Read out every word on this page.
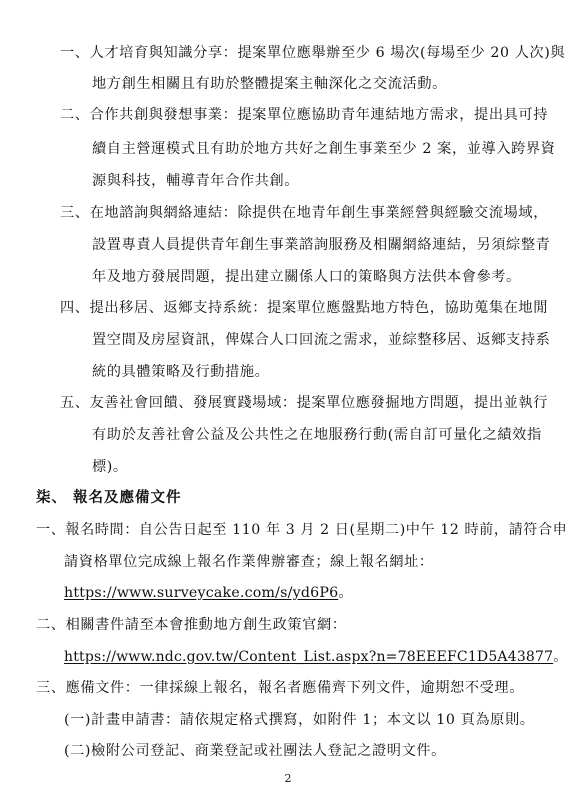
一、人才培育與知識分享：提案單位應舉辦至少 6 場次(每場至少 20 人次)與
地方創生相關且有助於整體提案主軸深化之交流活動。
二、合作共創與發想事業：提案單位應協助青年連結地方需求，提出具可持
續自主營運模式且有助於地方共好之創生事業至少 2 案，並導入跨界資
源與科技，輔導青年合作共創。
三、在地諮詢與網絡連結：除提供在地青年創生事業經營與經驗交流場域，
設置專責人員提供青年創生事業諮詢服務及相關網絡連結，另須綜整青
年及地方發展問題，提出建立關係人口的策略與方法供本會參考。
四、提出移居、返鄉支持系統：提案單位應盤點地方特色，協助蒐集在地閒
置空間及房屋資訊，俾媒合人口回流之需求，並綜整移居、返鄉支持系
統的具體策略及行動措施。
五、友善社會回饋、發展實踐場域：提案單位應發掘地方問題，提出並執行
有助於友善社會公益及公共性之在地服務行動(需自訂可量化之績效指
標)。
柒、 報名及應備文件
一、報名時間：自公告日起至 110 年 3 月 2 日(星期二)中午 12 時前，請符合申
請資格單位完成線上報名作業俾辦審查；線上報名網址：
https://www.surveycake.com/s/yd6P6。
二、相關書件請至本會推動地方創生政策官網：
https://www.ndc.gov.tw/Content_List.aspx?n=78EEEFC1D5A43877。
三、應備文件：一律採線上報名，報名者應備齊下列文件，逾期恕不受理。
(一)計畫申請書：請依規定格式撰寫，如附件 1；本文以 10 頁為原則。
(二)檢附公司登記、商業登記或社團法人登記之證明文件。
2
